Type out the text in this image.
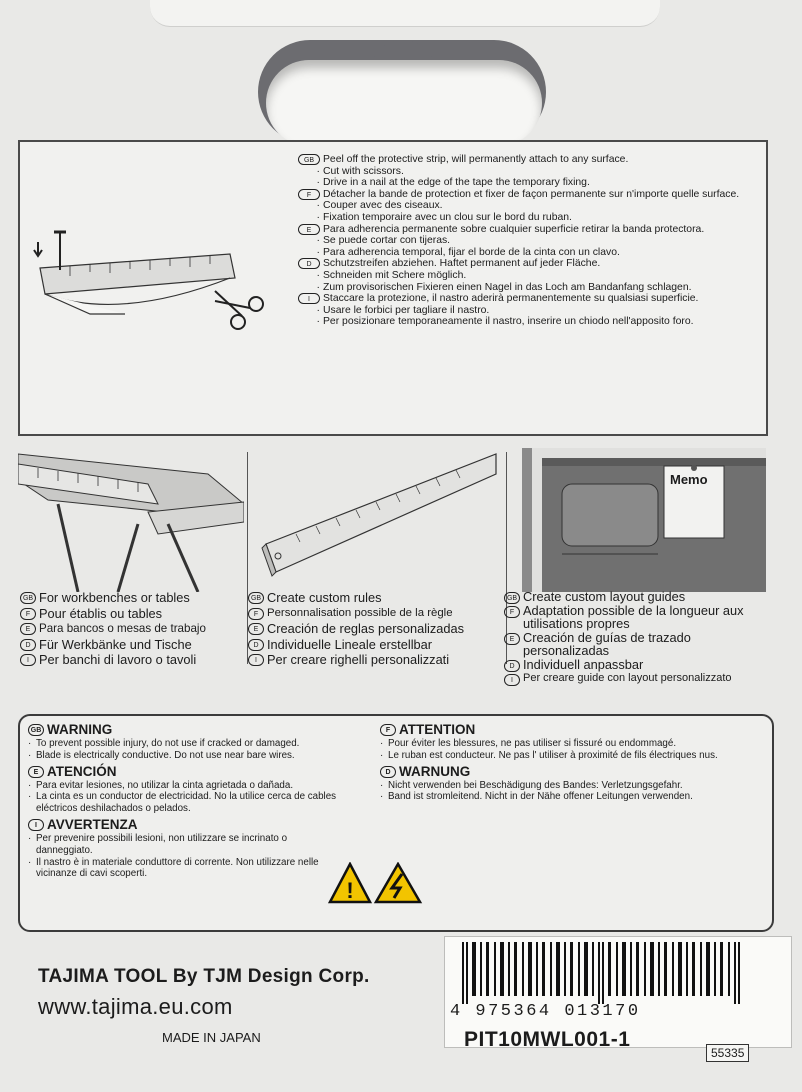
GB Peel off the protective strip, will permanently attach to any surface.
· Cut with scissors.
· Drive in a nail at the edge of the tape the temporary fixing.
F	Détacher la bande de protection et fixer de façon permanente sur n'importe quelle surface.
· Couper avec des ciseaux.
· Fixation temporaire avec un clou sur le bord du ruban.
E	Para adherencia permanente sobre cualquier superficie retirar la banda protectora.
· Se puede cortar con tijeras.
· Para adherencia temporal, fijar el borde de la cinta con un clavo.
D	Schutzstreifen abziehen. Haftet permanent auf jeder Fläche.
· Schneiden mit Schere möglich.
· Zum provisorischen Fixieren einen Nagel in das Loch am Bandanfang schlagen.
I	Staccare la protezione, il nastro aderirà permanentemente su qualsiasi superficie.
· Usare le forbici per tagliare il nastro.
· Per posizionare temporaneamente il nastro, inserire un chiodo nell'apposito foro.
Memo
GB For workbenches or tables
F Pour établis ou tables
E Para bancos o mesas de trabajo
D Für Werkbänke und Tische
I Per banchi di lavoro o tavoli
GB Create custom rules
F Personnalisation possible de la règle
E Creación de reglas personalizadas
D Individuelle Lineale erstellbar
I Per creare righelli personalizzati
GB Create custom layout guides
F Adaptation possible de la longueur aux utilisations propres
E Creación de guías de trazado personalizadas
D Individuell anpassbar
I Per creare guide con layout personalizzato
GB WARNING
· To prevent possible injury, do not use if cracked or damaged.
· Blade is electrically conductive. Do not use near bare wires.
E ATENCIÓN
· Para evitar lesiones, no utilizar la cinta agrietada o dañada.
· La cinta es un conductor de electricidad. No la utilice cerca de cables eléctricos deshilachados o pelados.
I AVVERTENZA
· Per prevenire possibili lesioni, non utilizzare se incrinato o danneggiato.
· Il nastro è in materiale conduttore di corrente. Non utilizzare nelle vicinanze di cavi scoperti.
F ATTENTION
· Pour éviter les blessures, ne pas utiliser si fissuré ou endommagé.
· Le ruban est conducteur. Ne pas l' utiliser à proximité de fils électriques nus.
D WARNUNG
· Nicht verwenden bei Beschädigung des Bandes: Verletzungsgefahr.
· Band ist stromleitend. Nicht in der Nähe offener Leitungen verwenden.
!
TAJIMA TOOL By TJM Design Corp.
www.tajima.eu.com
MADE IN JAPAN
4 975364 013170
PIT10MWL001-1
55335
